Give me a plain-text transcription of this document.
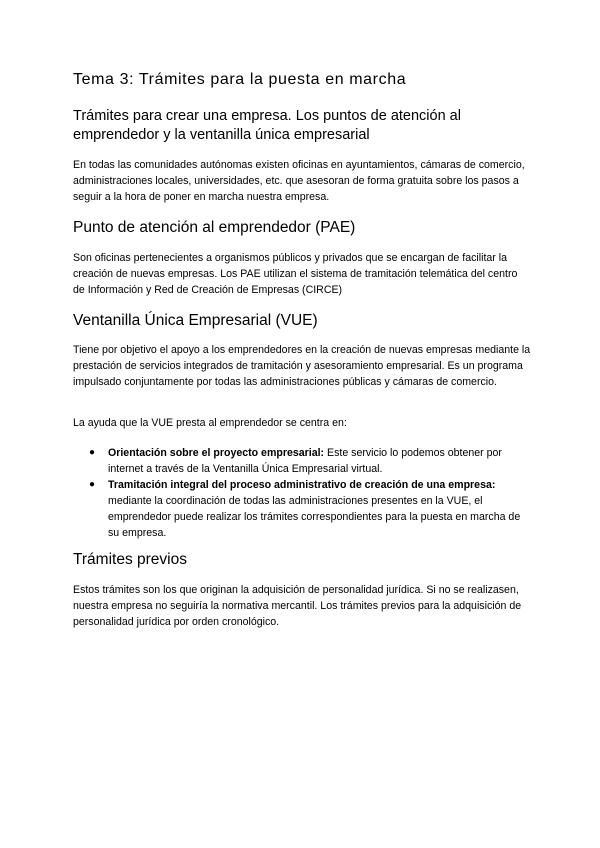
Tema 3: Trámites para la puesta en marcha
Trámites para crear una empresa. Los puntos de atención al emprendedor y la ventanilla única empresarial

En todas las comunidades autónomas existen oficinas en ayuntamientos, cámaras de comercio, administraciones locales, universidades, etc. que asesoran de forma gratuita sobre los pasos a seguir a la hora de poner en marcha nuestra empresa.

Punto de atención al emprendedor (PAE)

Son oficinas pertenecientes a organismos públicos y privados que se encargan de facilitar la creación de nuevas empresas. Los PAE utilizan el sistema de tramitación telemática del centro de Información y Red de Creación de Empresas (CIRCE)

Ventanilla Única Empresarial (VUE)

Tiene por objetivo el apoyo a los emprendedores en la creación de nuevas empresas mediante la prestación de servicios integrados de tramitación y asesoramiento empresarial. Es un programa impulsado conjuntamente por todas las administraciones públicas y cámaras de comercio.

La ayuda que la VUE presta al emprendedor se centra en:

● Orientación sobre el proyecto empresarial: Este servicio lo podemos obtener por internet a través de la Ventanilla Única Empresarial virtual.
● Tramitación integral del proceso administrativo de creación de una empresa: mediante la coordinación de todas las administraciones presentes en la VUE, el emprendedor puede realizar los trámites correspondientes para la puesta en marcha de su empresa.
Trámites previos

Estos trámites son los que originan la adquisición de personalidad jurídica. Si no se realizasen, nuestra empresa no seguiría la normativa mercantil. Los trámites previos para la adquisición de personalidad jurídica por orden cronológico.
